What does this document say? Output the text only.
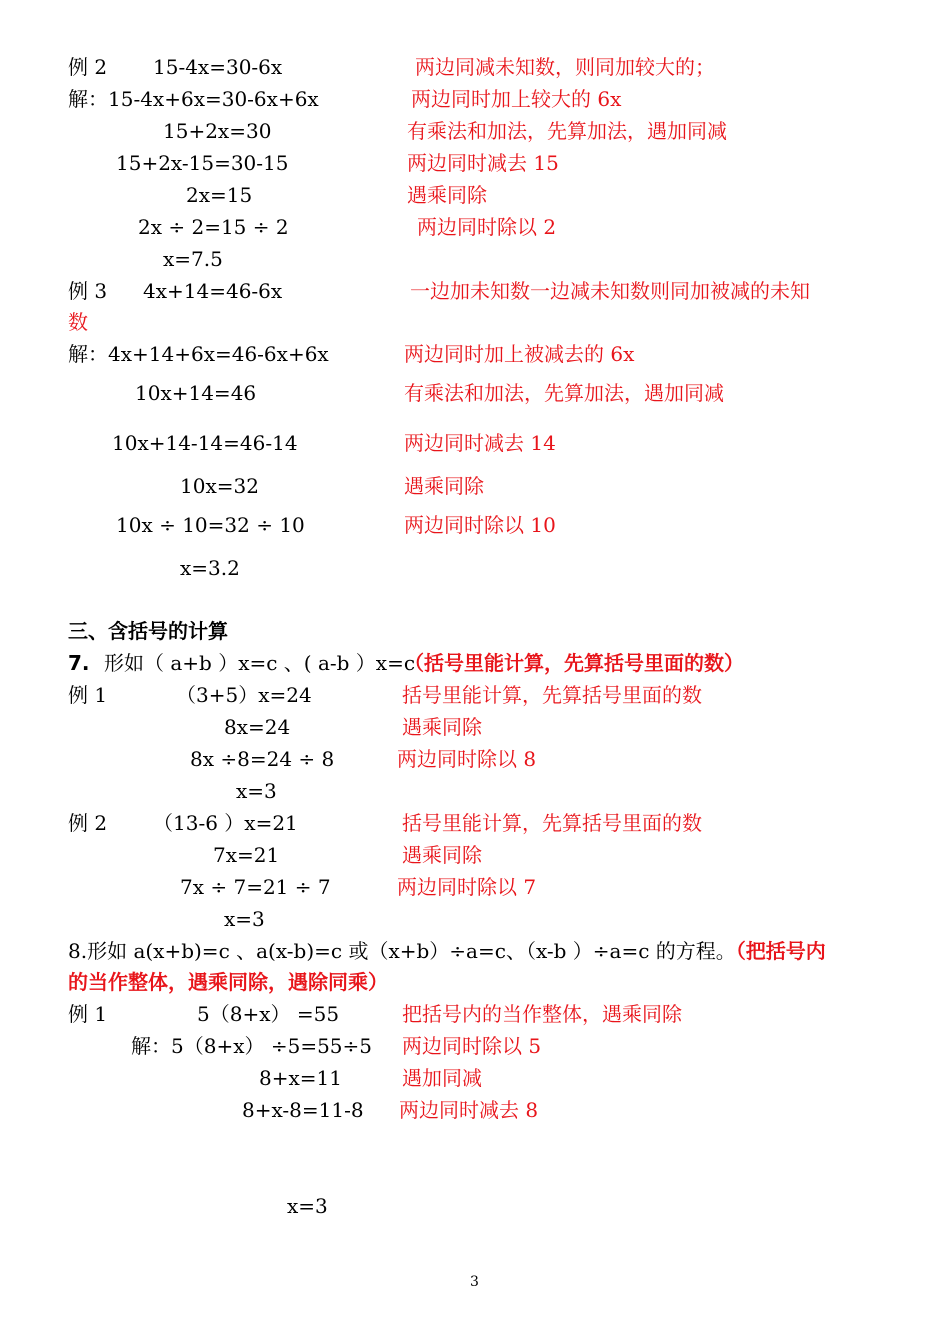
例 2 15-4x=30-6x	两边同减未知数，则同加较大的；
解：15-4x+6x=30-6x+6x	两边同时加上较大的 6x
15+2x=30	有乘法和加法，先算加法，遇加同减
15+2x-15=30-15	两边同时减去 15
2x=15	遇乘同除
2x ÷ 2=15 ÷ 2	两边同时除以 2
x=7.5
例 3 4x+14=46-6x	一边加未知数一边减未知数则同加被减的未知
数
解：4x+14+6x=46-6x+6x	两边同时加上被减去的 6x
10x+14=46	有乘法和加法，先算加法，遇加同减
10x+14-14=46-14	两边同时减去 14
10x=32	遇乘同除
10x ÷ 10=32 ÷ 10	两边同时除以 10
x=3.2
三、含括号的计算
7. 形如（ a+b ）x=c 、( a-b ）x=c
（括号里能计算，先算括号里面的数）
例 1	（3+5）x=24	括号里能计算，先算括号里面的数
8x=24	遇乘同除
8x ÷8=24 ÷ 8	两边同时除以 8
x=3
例 2 （13-6 ）x=21	括号里能计算，先算括号里面的数
7x=21	遇乘同除
7x ÷ 7=21 ÷ 7	两边同时除以 7
x=3
8.形如 a(x+b)=c 、a(x-b)=c 或（x+b）÷a=c、（x-b ）÷a=c 的方程。（把括号内
的当作整体，遇乘同除，遇除同乘）
例 1	5（8+x） =55	把括号内的当作整体，遇乘同除
解：5（8+x） ÷5=55÷5 两边同时除以 5
8+x=11	遇加同减
8+x-8=11-8 两边同时减去 8
x=3
3
